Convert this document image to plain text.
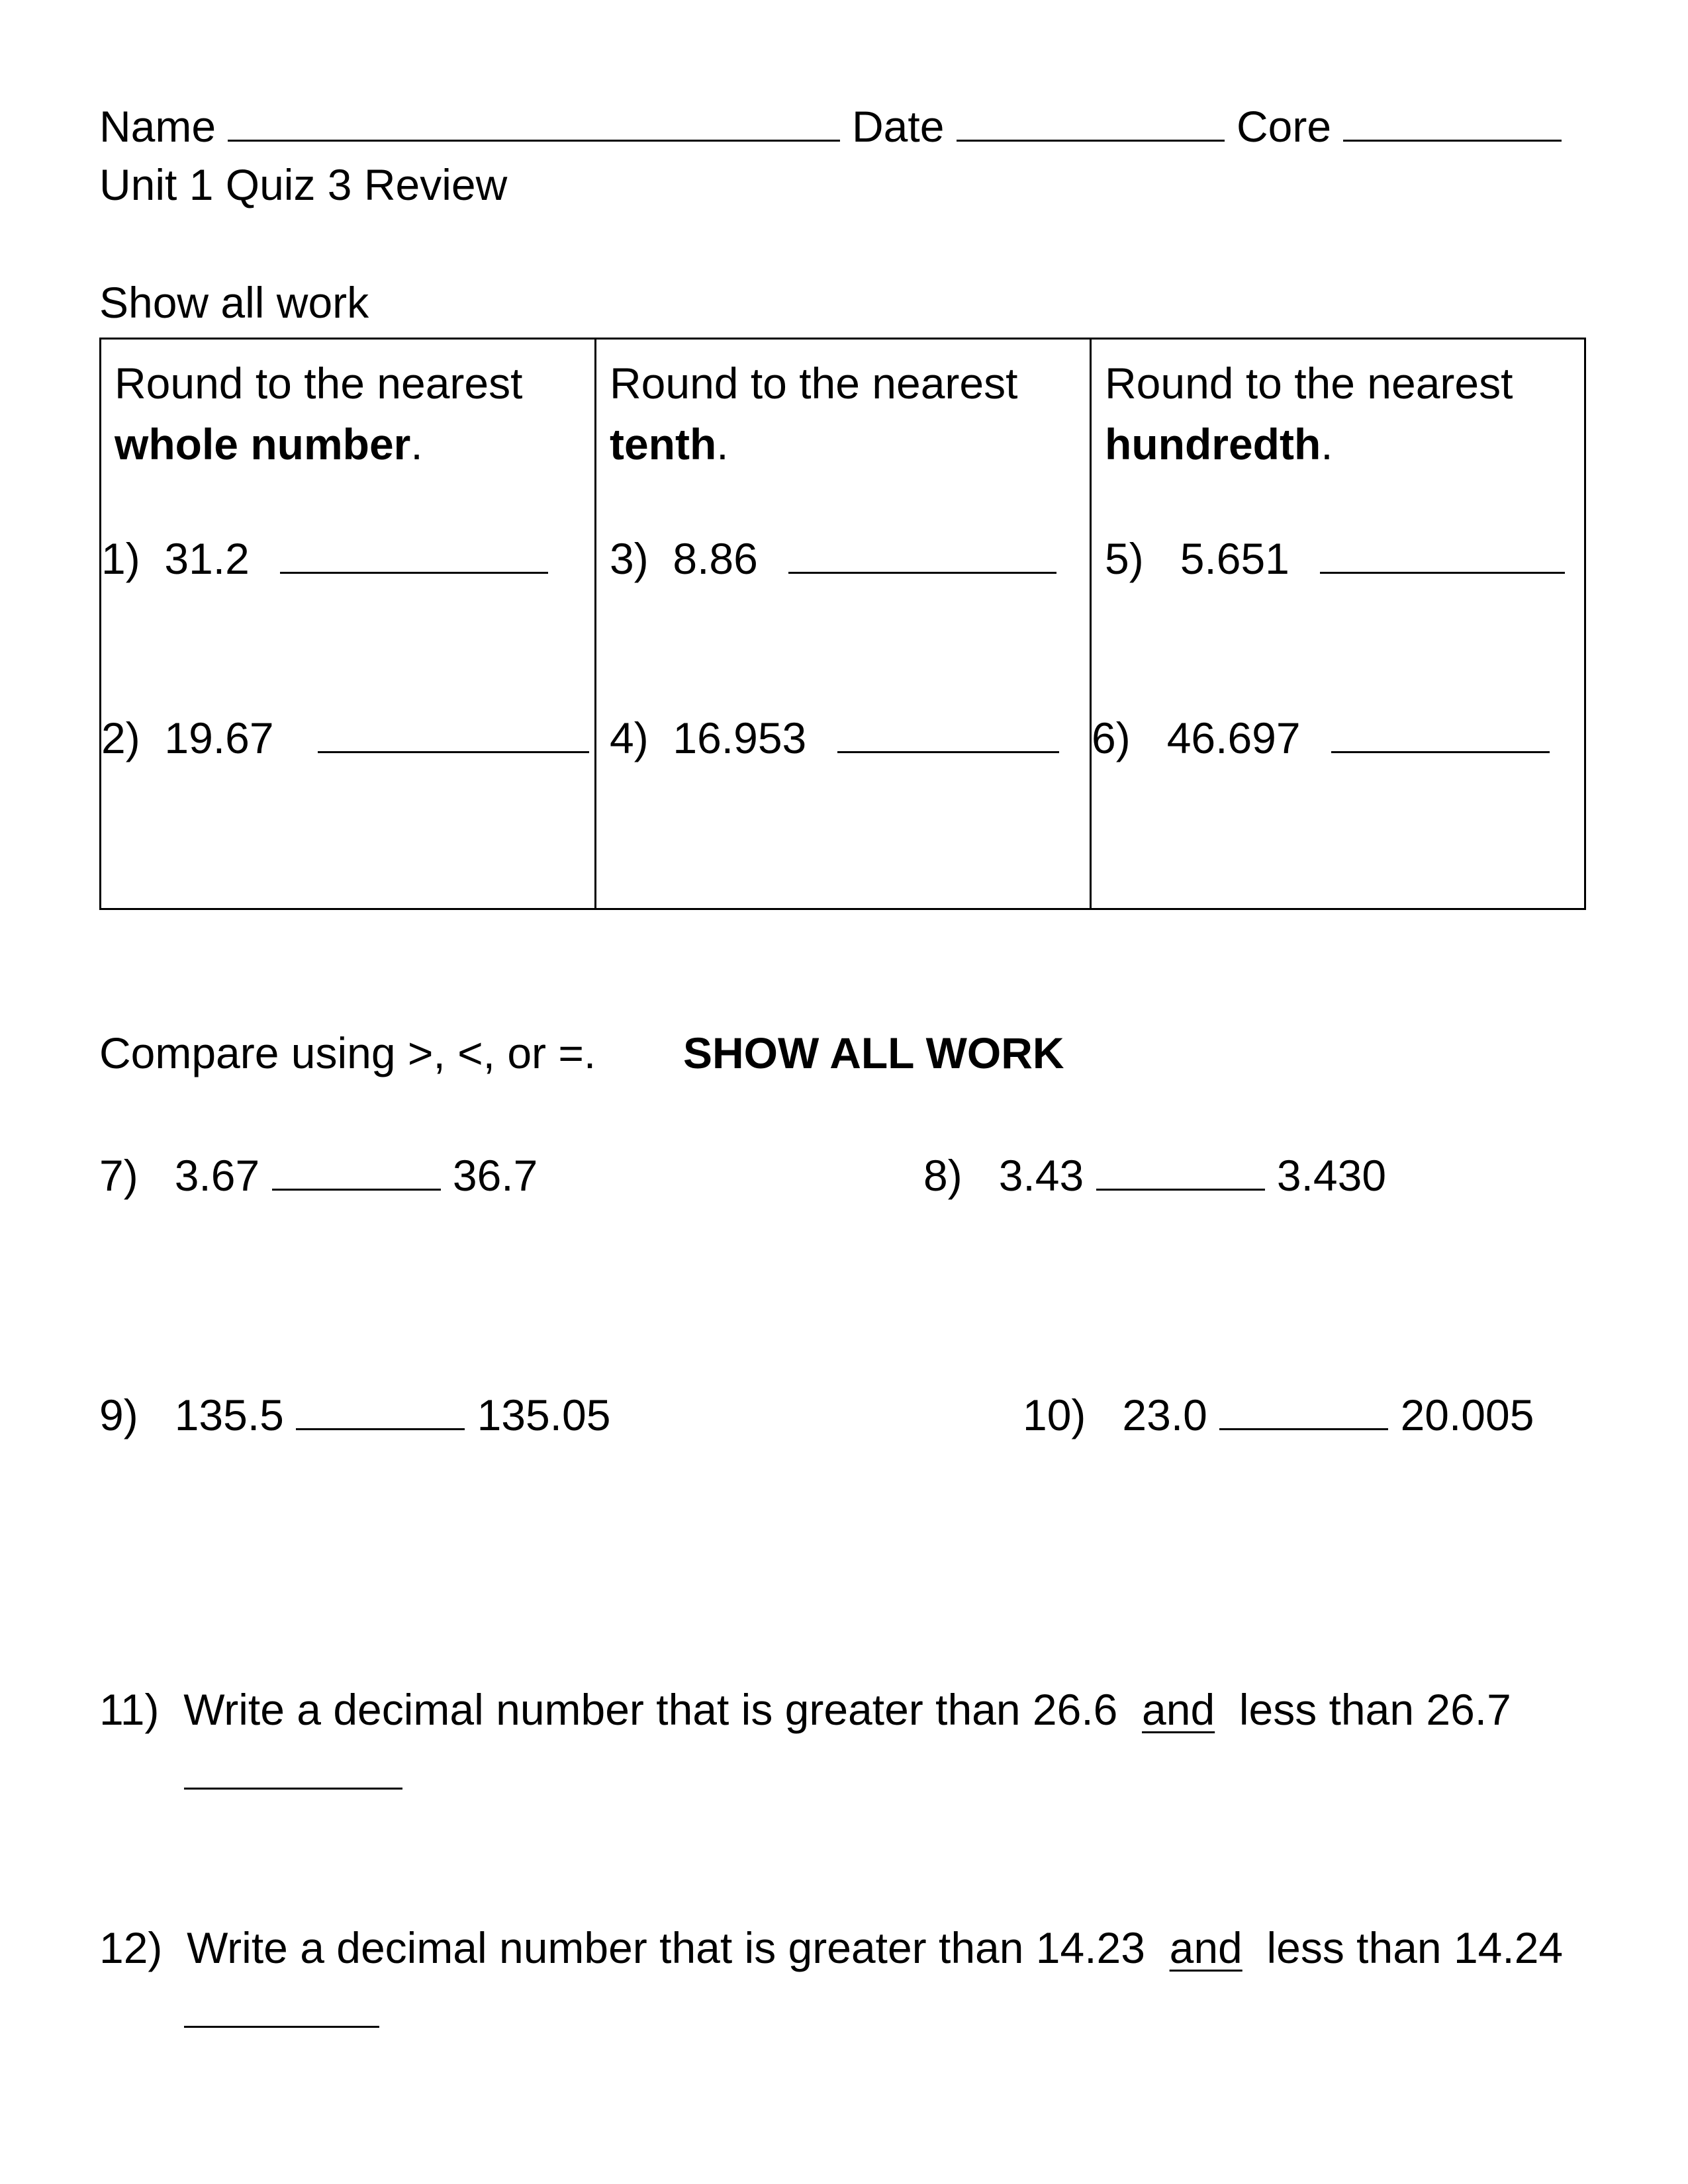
Name	Date	Core
Unit 1 Quiz 3 Review
Show all work
Round to the nearest
whole number.
1) 31.2
2) 19.67
Round to the nearest
tenth.
3) 8.86
4) 16.953
Round to the nearest
hundredth.
5) 5.651
6) 46.697
Compare using >, <, or =. SHOW ALL WORK
7) 3.67	36.7	8) 3.43	3.430
9) 135.5	135.05	10) 23.0	20.005
11) Write a decimal number that is greater than 26.6 and less than 26.7
12) Write a decimal number that is greater than 14.23 and less than 14.24
